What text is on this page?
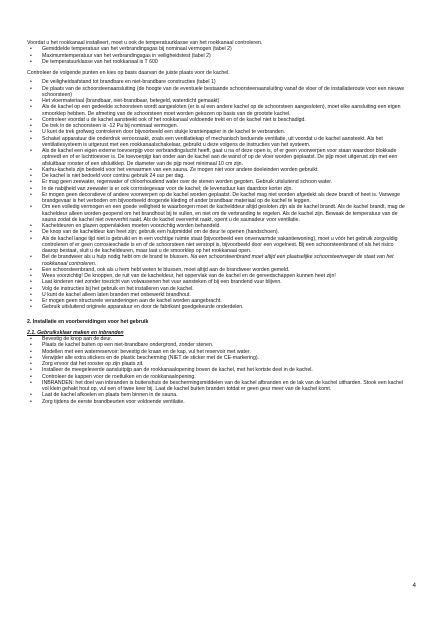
Voordat u het rookkanaal installeert, moet u ook de temperatuurklasse van het rookkanaal controleren.

• Gemiddelde temperatuur van het verbrandingsgas bij nominaal vermogen (tabel 2)
• Maximumtemperatuur van het verbrandingsgas in veiligheidstest (tabel 2)
• De temperatuurklasse van het rookkanaal is T 600

Controleer de volgende punten en kies op basis daarvan de juiste plaats voor de kachel.

• De veiligheidsafstand tot brandbare en niet-brandbare constructies (tabel 1)
• De plaats van de schoorsteenaansluiting (de hoogte van de eventuele bestaande schoorsteenaansluiting vanaf de vloer of de installatieroute voor een nieuwe schoorsteen)
• Het vloermateriaal (brandbaar, niet-brandbaar, betegeld, waterdicht gemaakt)
• Als de kachel op een gedeelde schoorsteen wordt aangesloten (er is al een andere kachel op de schoorsteen aangesloten), moet elke aansluiting een eigen smoorklep hebben. De afmeting van de schoorsteen moet worden gekozen op basis van de grootste kachel.
• Controleer voordat u de kachel aansteekt ook of het rookkanaal voldoende trekt en of de kachel niet is beschadigd.
• De trek in de schoorsteen is -12 Pa bij nominaal vermogen.
• U kunt de trek grofweg controleren door bijvoorbeeld een stukje krantenpapier in de kachel te verbranden.
• Schakel apparatuur die onderdruk veroorzaakt, zoals een ventilatiekap of mechanisch beduende ventilatie, uit voordat u de kachel aansteekt. Als het ventilatiesysteem is uitgerust met een rookkanaalschakelaar, gebruikt u deze volgens de instructies van het systeem.
• Als de kachel een eigen externe toevoerpijp voor verbrandingslucht heeft, gaat u na of deze open is, of er geen voorwerpen voor staan waardoor blokkade optreedt en of er luchttoevoer is. De toevoerpijp kan onder aan de kachel aan de wand of op de vloer worden geplaatst. De pijp moet uitgerust zijn met een afsluitbaar rooster of een afsluitklep. De diameter van de pijp moet minimaal 10 cm zijn.
• Karhu-kachels zijn bedoeld voor het verwarmen van een sauna. Ze mogen niet voor andere doeleinden worden gebruikt.
• De kachel is niet bedoeld voor continu gebruik 24 uur per dag.
• Er mag geen zeewater, regenwater of chloorhoudend water over de stenen worden gegoten. Gebruik uitsluitend schoon water.
• In de nabijheid van zeewater is er ook corrosiegevaar voor de kachel; de levensduur kan daardoor korter zijn.
• Er mogen geen decoratieve of andere voorwerpen op de kachel worden geplaatst. De kachel mag niet worden afgedekt als deze brandt of heet is. Vanwege brandgevaar is het verboden om bijvoorbeeld drogende kleding of ander brandbaar materiaal op de kachel te leggen.
• Om een volledig vermogen en een goede veiligheid te waarborgen moet de kachelddeur altijd gesloten zijn als de kachel brandt. Als de kachel brandt, mag de kacheldeur alleen worden geopend om het brandhout bij te vullen, en niet om de verbranding te regelen. Als de kachel zijn. Bewaak de temperatuur van de sauna zodat de kachel niet oververhit raakt. Als de kachel oververhit raakt, opent u de saunadeur voor ventilatie.
• Kacheldeuren en glazen oppervlakken moeten voorzichtig worden behandeld.
• De knop van de kacheldeur kan heet zijn; gebruik een hulpmiddel om de deur te openen (handschoen).
• Als de kachel lange tijd niet is gebruikt en in een vochtige ruimte staat (bijvoorbeeld een onverwarmde vakantiewoning), moet u vóór het gebruik zorgvuldig controleren of er geen corrosieschade is en of de schoorsteen niet verstopt is, bijvoorbeeld door een vogelnest. Bij een schoorsteenbrand of als het risico daarop bestaat, sluit u de kacheldeuren, maar laat u de smoorklep op het rookkanaal open.
• Bel de brandweer als u hulp nodig hebt om de brand te blussen. Na een schoorsteenbrand moet altijd een plaatselijke schoorsteenveger de staat van het rookkanaal controleren.
• Een schoorsteenbrand, ook als u hem hebt weten te blussen, moet altijd aan de brandweer worden gemeld.
• Wees voorzichtig! De knoppen, de ruit van de kacheldeur, het oppervlak van de kachel en de gereedschappen kunnen heet zijn!
• Laat kinderen niet zonder toezicht van volwassenen het vuur aansteken of bij een brandend vuur blijven.
• Volg de instructies bij het gebruik en het installeren van de kachel.
• U kunt de kachel alleen laten branden met onbewerkt brandhout.
• Er mogen geen structurele veranderingen aan de kachel worden aangebracht.
• Gebruik uitsluitend originele apparatuur en door de fabrikant goedgekeurde onderdelen.

2. Installatie en voorbereidingen voor het gebruik

2.1. Gebruiksklaar maken en inbranden

• Bevestig de knop aan de deur.
• Plaats de kachel buiten op een niet-brandbare ondergrond, zonder stenen.
• Modellen met een waterreservoir: bevestig de kraan en de kap, vul het reservoir met water.
• Verwijder alle extra stickers en de plastic bescherming (NIET de sticker met de CE-markering).
• Zorg ervoor dat het rooster op zijn plaats zit.
• Installeer de meegeleverde aansluitpijp aan de rookkanaalopening boven de kachel, met het kortste deel in de kachel.
• Controleer de kappen voor de roetluiken en de rookkanaalopening.
• INBRANDEN: het doel van inbranden is buitenshuis de beschermingsmiddelen van de kachel afbranden en de lak van de kachel uitharden. Stook een kachel vol klein gehakt hout op, vul een of twee keer bij. Laat de kachel buiten branden totdat er geen geur meer van de kachel komt.
• Laat de kachel afkoelen en plaats hem binnen in de sauna.
• Zorg tijdens de eerste brandbeurten voor voldoende ventilatie.
4
